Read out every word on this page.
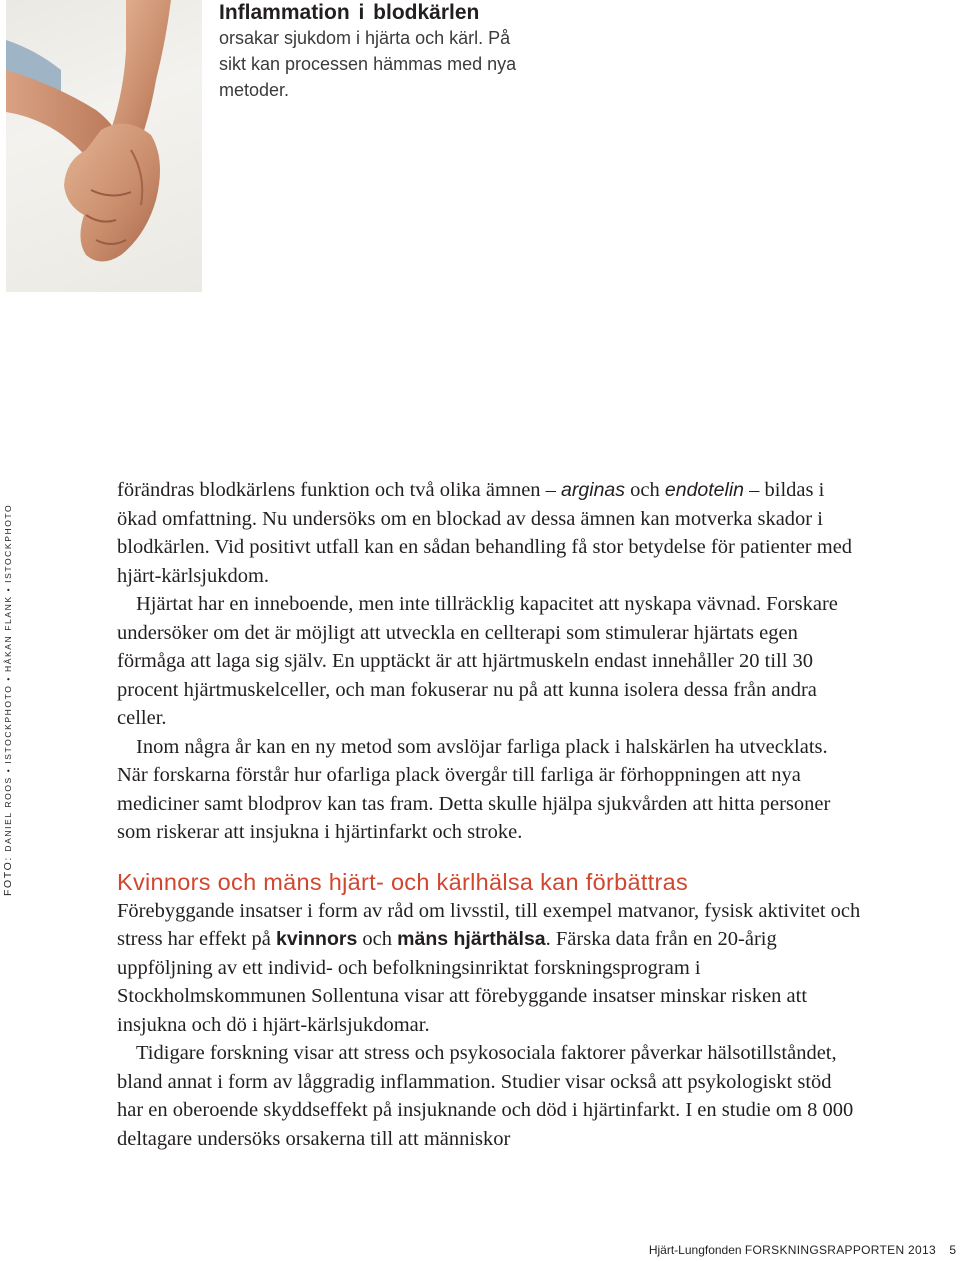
Inflammation i blodkärlen

orsakar sjukdom i hjärta och kärl. På sikt kan processen hämmas med nya metoder.

FOTO: DANIEL ROOS • ISTOCKPHOTO • HÅKAN FLANK • ISTOCKPHOTO

förändras blodkärlens funktion och två olika ämnen – arginas och endotelin – bildas i ökad omfattning. Nu undersöks om en blockad av dessa ämnen kan motverka skador i blodkärlen. Vid positivt utfall kan en sådan behandling få stor betydelse för patienter med hjärt-kärlsjukdom.

Hjärtat har en inneboende, men inte tillräcklig kapacitet att nyskapa vävnad. Forskare undersöker om det är möjligt att utveckla en cellterapi som stimulerar hjärtats egen förmåga att laga sig själv. En upptäckt är att hjärtmuskeln endast innehåller 20 till 30 procent hjärtmuskelceller, och man fokuserar nu på att kunna isolera dessa från andra celler.

Inom några år kan en ny metod som avslöjar farliga plack i halskärlen ha utvecklats. När forskarna förstår hur ofarliga plack övergår till farliga är förhoppningen att nya mediciner samt blodprov kan tas fram. Detta skulle hjälpa sjukvården att hitta personer som riskerar att insjukna i hjärtinfarkt och stroke.

Kvinnors och mäns hjärt- och kärlhälsa kan förbättras

Förebyggande insatser i form av råd om livsstil, till exempel matvanor, fysisk aktivitet och stress har effekt på kvinnors och mäns hjärthälsa. Färska data från en 20-årig uppföljning av ett individ- och befolkningsinriktat forskningsprogram i Stockholmskommunen Sollentuna visar att förebyggande insatser minskar risken att insjukna och dö i hjärt-kärlsjukdomar.

Tidigare forskning visar att stress och psykosociala faktorer påverkar hälsotillståndet, bland annat i form av låggradig inflammation. Studier visar också att psykologiskt stöd har en oberoende skyddseffekt på insjuknande och död i hjärtinfarkt. I en studie om 8 000 deltagare undersöks orsakerna till att människor

Hjärt-Lungfonden FORSKNINGSRAPPORTEN 2013 5
